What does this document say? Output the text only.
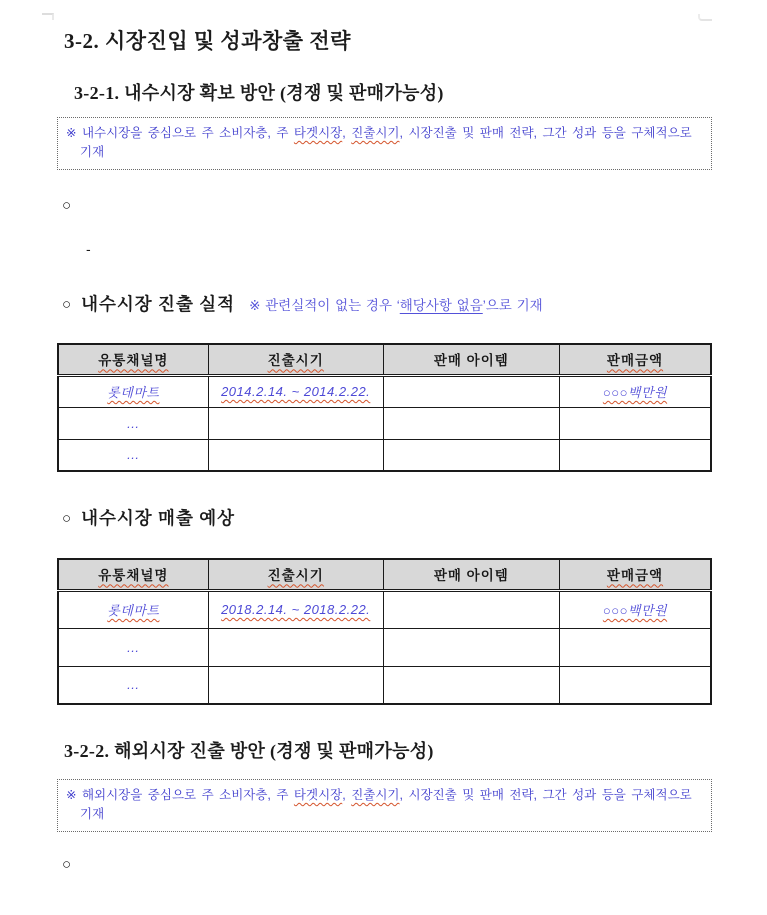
3-2. 시장진입 및 성과창출 전략
3-2-1. 내수시장 확보 방안 (경쟁 및 판매가능성)

※ 내수시장을 중심으로 주 소비자층, 주 타겟시장, 진출시기, 시장진출 및 판매 전략, 그간 성과 등을 구체적으로 기재

○
-
○ 내수시장 진출 실적 ※ 관련실적이 없는 경우 ‘해당사항 없음’으로 기재
유통채널명	진출시기	판매 아이템	판매금액
롯데마트	2014.2.14. ~ 2014.2.22.		○○○백만원
...			
...			
○ 내수시장 매출 예상
유통채널명	진출시기	판매 아이템	판매금액
롯데마트	2018.2.14. ~ 2018.2.22.		○○○백만원
...			
...			
3-2-2. 해외시장 진출 방안 (경쟁 및 판매가능성)

※ 해외시장을 중심으로 주 소비자층, 주 타겟시장, 진출시기, 시장진출 및 판매 전략, 그간 성과 등을 구체적으로 기재

○
